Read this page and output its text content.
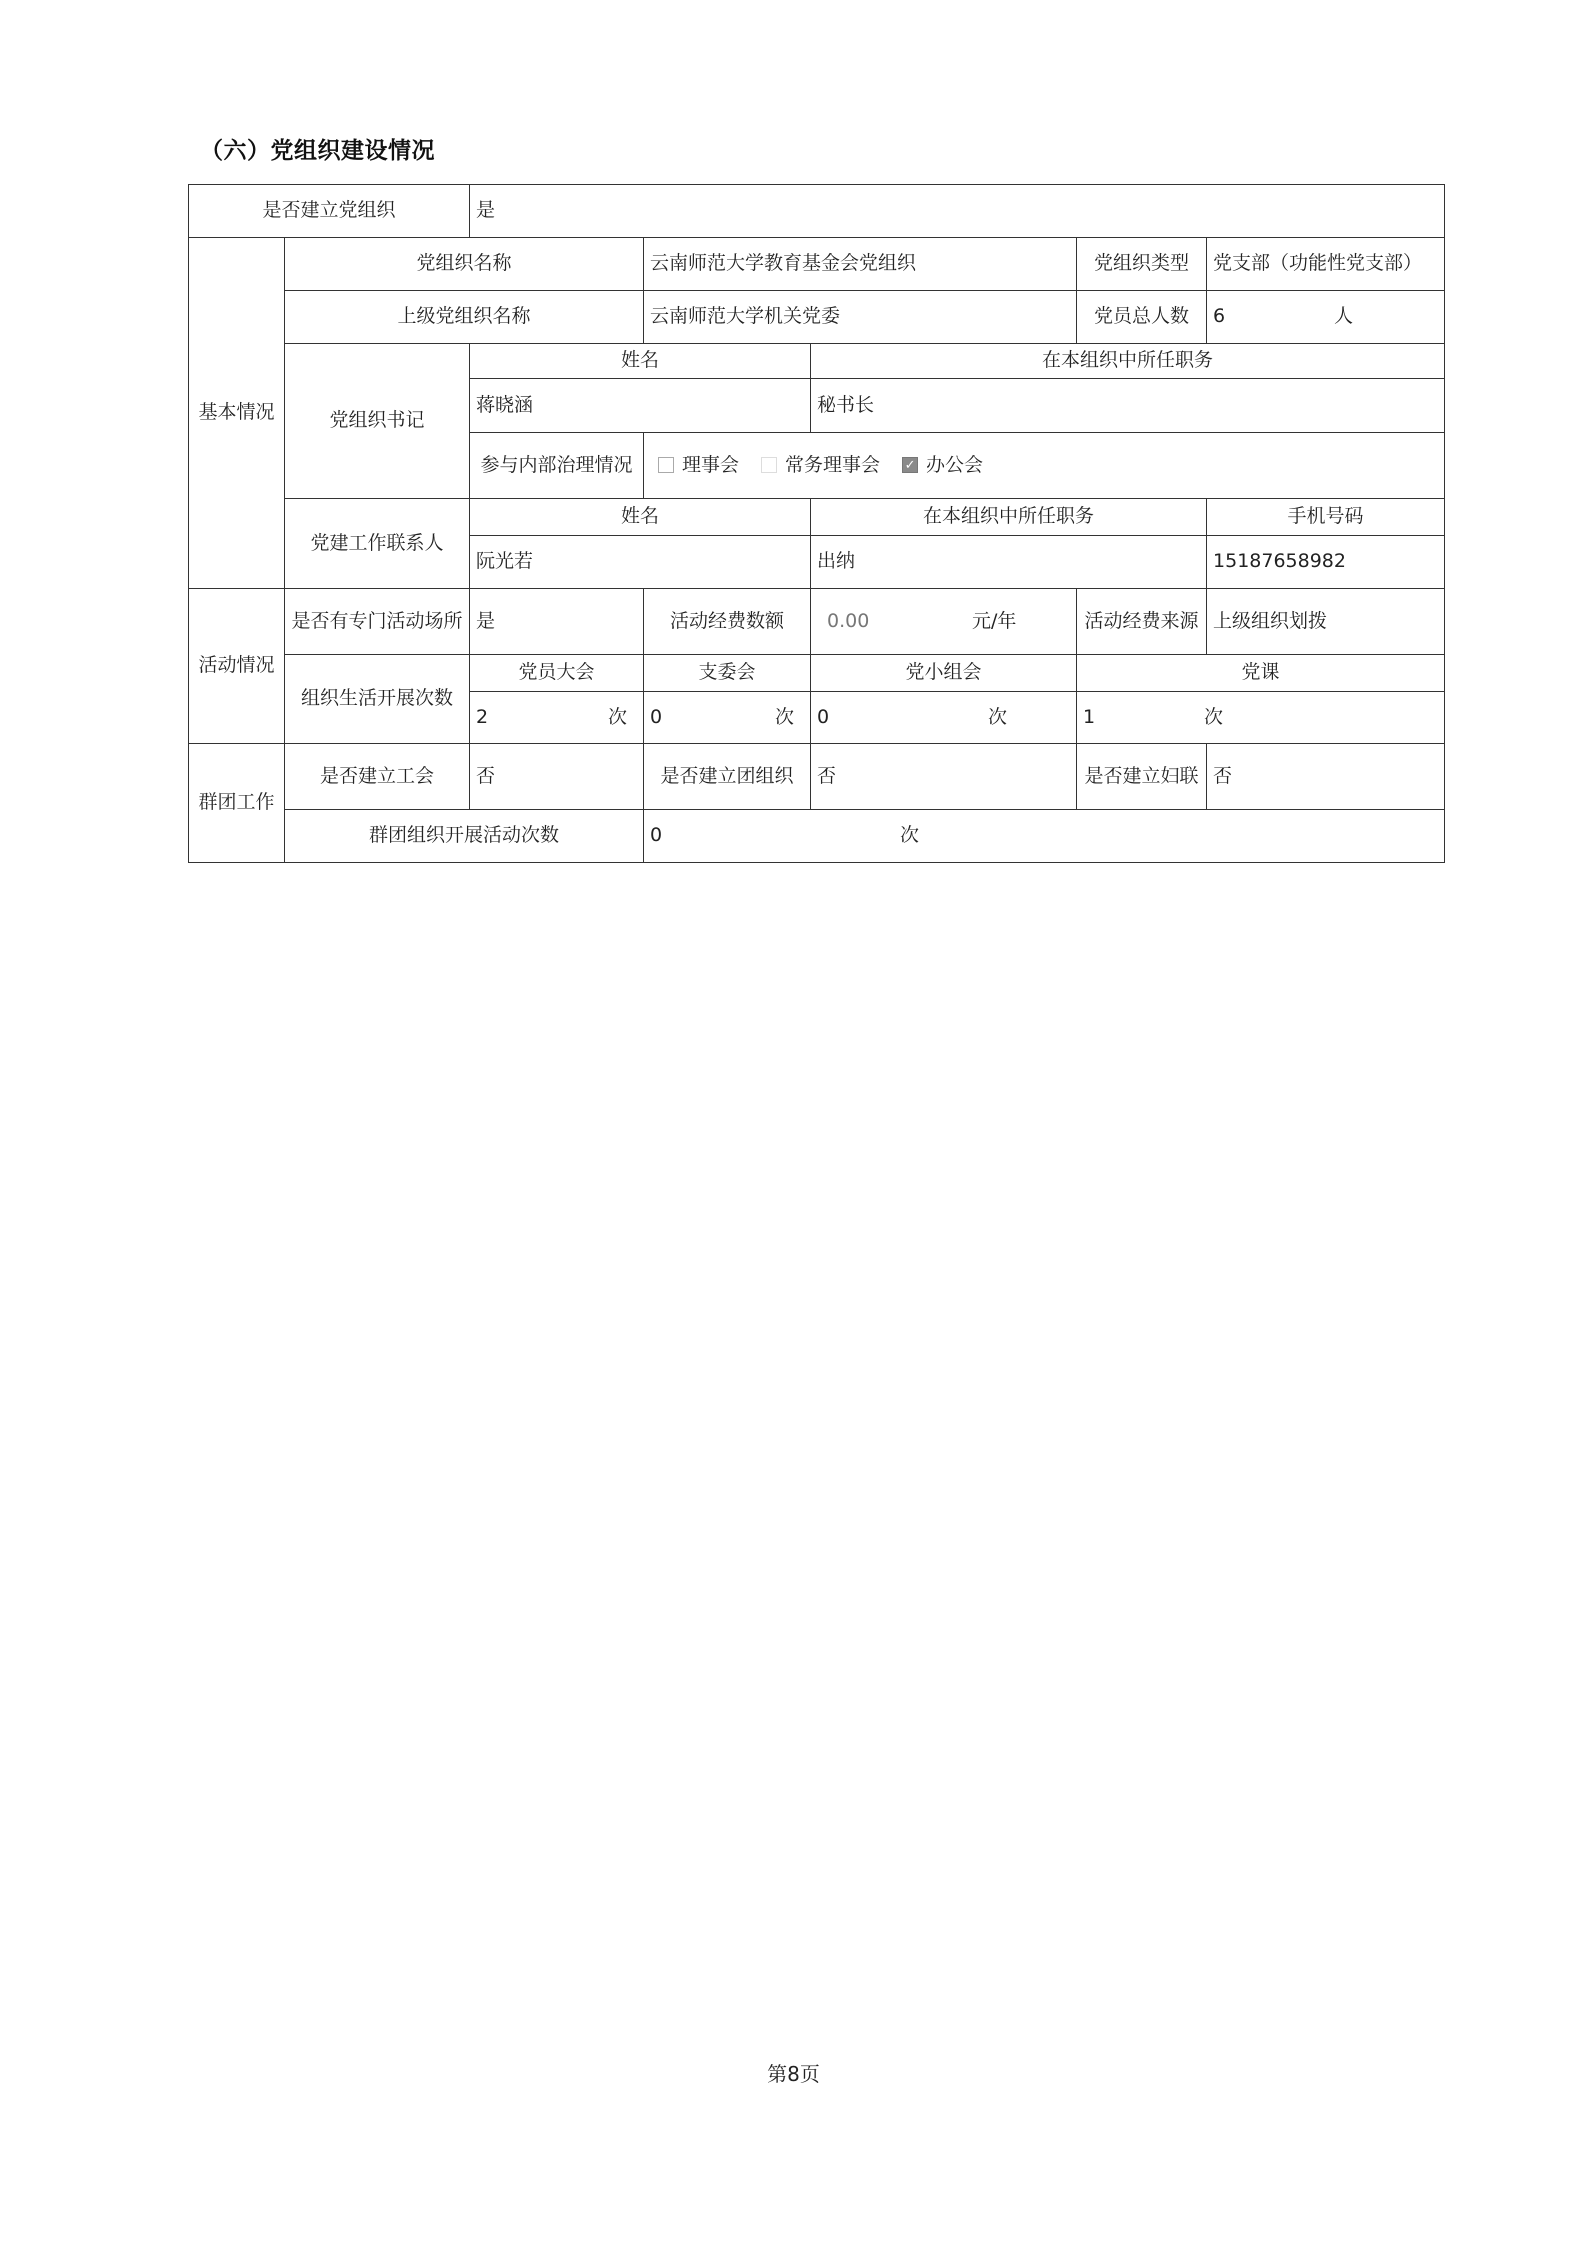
（六）党组织建设情况
是否建立党组织		是				
基本情况	党组织名称		云南师范大学教育基金会党组织		党组织类型	党支部（功能性党支部）
	上级党组织名称		云南师范大学机关党委		党员总人数	6 人

	党组织书记	姓名		在本组织中所任职务		
		蒋晓涵		秘书长		
		参与内部治理情况	理事会 常务理事会 ✓ 办公会			

	党建工作联系人	姓名		在本组织中所任职务		手机号码
		阮光若		出纳		15187658982
活动情况	是否有专门活动场所	是	活动经费数额	0.00 元/年	活动经费来源	上级组织划拨
	组织生活开展次数	党员大会	支委会	党小组会	党课	

		2 次	0 次	0 次	1 次	

群团工作	是否建立工会	否	是否建立团组织	否	是否建立妇联	否
	群团组织开展活动次数		0 次			
第8页
